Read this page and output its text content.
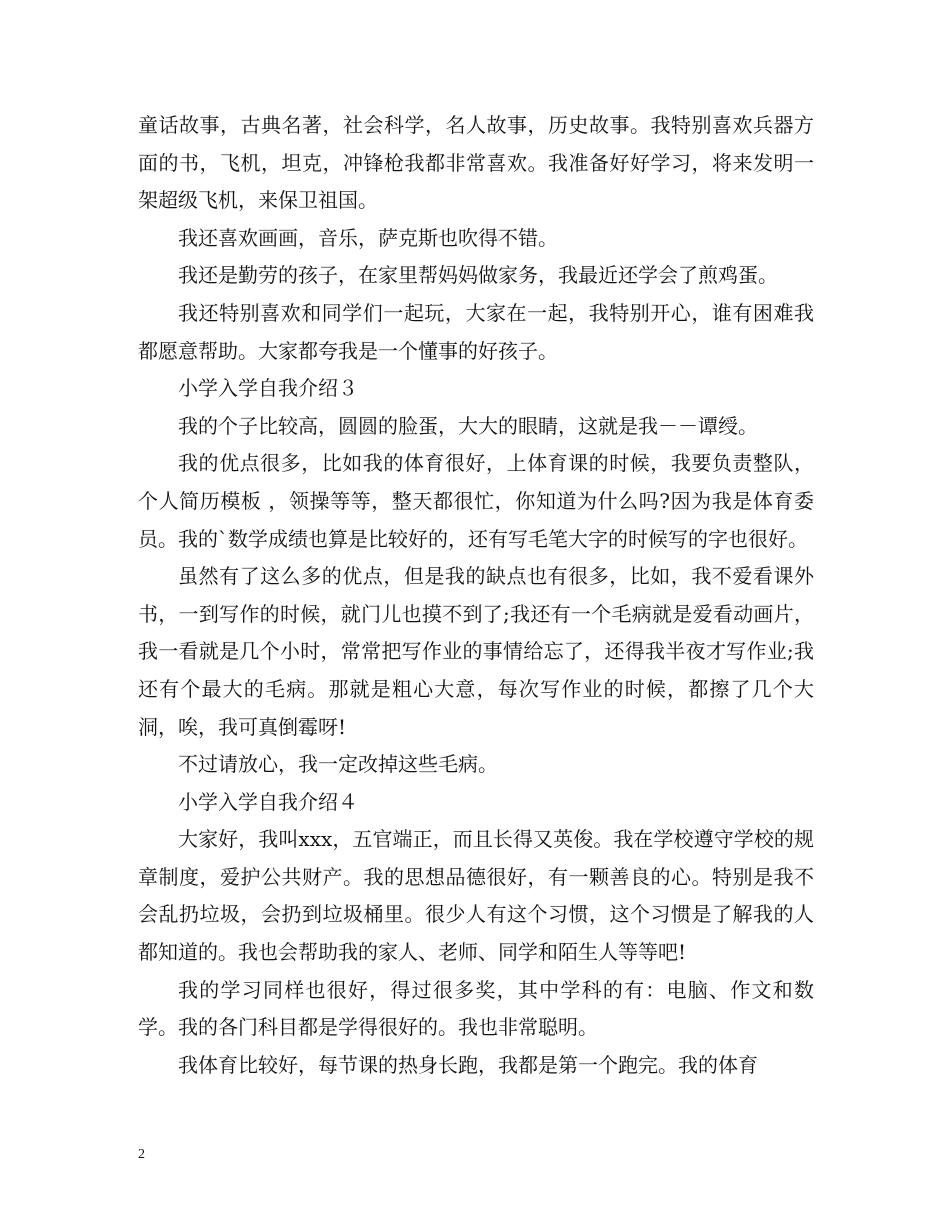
童话故事，古典名著，社会科学，名人故事，历史故事。我特别喜欢兵器方面的书，飞机，坦克，冲锋枪我都非常喜欢。我准备好好学习，将来发明一架超级飞机，来保卫祖国。

我还喜欢画画，音乐，萨克斯也吹得不错。

我还是勤劳的孩子，在家里帮妈妈做家务，我最近还学会了煎鸡蛋。

我还特别喜欢和同学们一起玩，大家在一起，我特别开心，谁有困难我都愿意帮助。大家都夸我是一个懂事的好孩子。

小学入学自我介绍３

我的个子比较高，圆圆的脸蛋，大大的眼睛，这就是我－－谭绶。

我的优点很多，比如我的体育很好，上体育课的时候，我要负责整队，个人简历模板 ，领操等等，整天都很忙，你知道为什么吗?因为我是体育委员。我的`数学成绩也算是比较好的，还有写毛笔大字的时候写的字也很好。

虽然有了这么多的优点，但是我的缺点也有很多，比如，我不爱看课外书，一到写作的时候，就门儿也摸不到了;我还有一个毛病就是爱看动画片，我一看就是几个小时，常常把写作业的事情给忘了，还得我半夜才写作业;我还有个最大的毛病。那就是粗心大意，每次写作业的时候，都擦了几个大洞，唉，我可真倒霉呀!

不过请放心，我一定改掉这些毛病。

小学入学自我介绍４

大家好，我叫xxx，五官端正，而且长得又英俊。我在学校遵守学校的规章制度，爱护公共财产。我的思想品德很好，有一颗善良的心。特别是我不会乱扔垃圾，会扔到垃圾桶里。很少人有这个习惯，这个习惯是了解我的人都知道的。我也会帮助我的家人、老师、同学和陌生人等等吧!

我的学习同样也很好，得过很多奖，其中学科的有：电脑、作文和数学。我的各门科目都是学得很好的。我也非常聪明。

我体育比较好，每节课的热身长跑，我都是第一个跑完。我的体育

2
